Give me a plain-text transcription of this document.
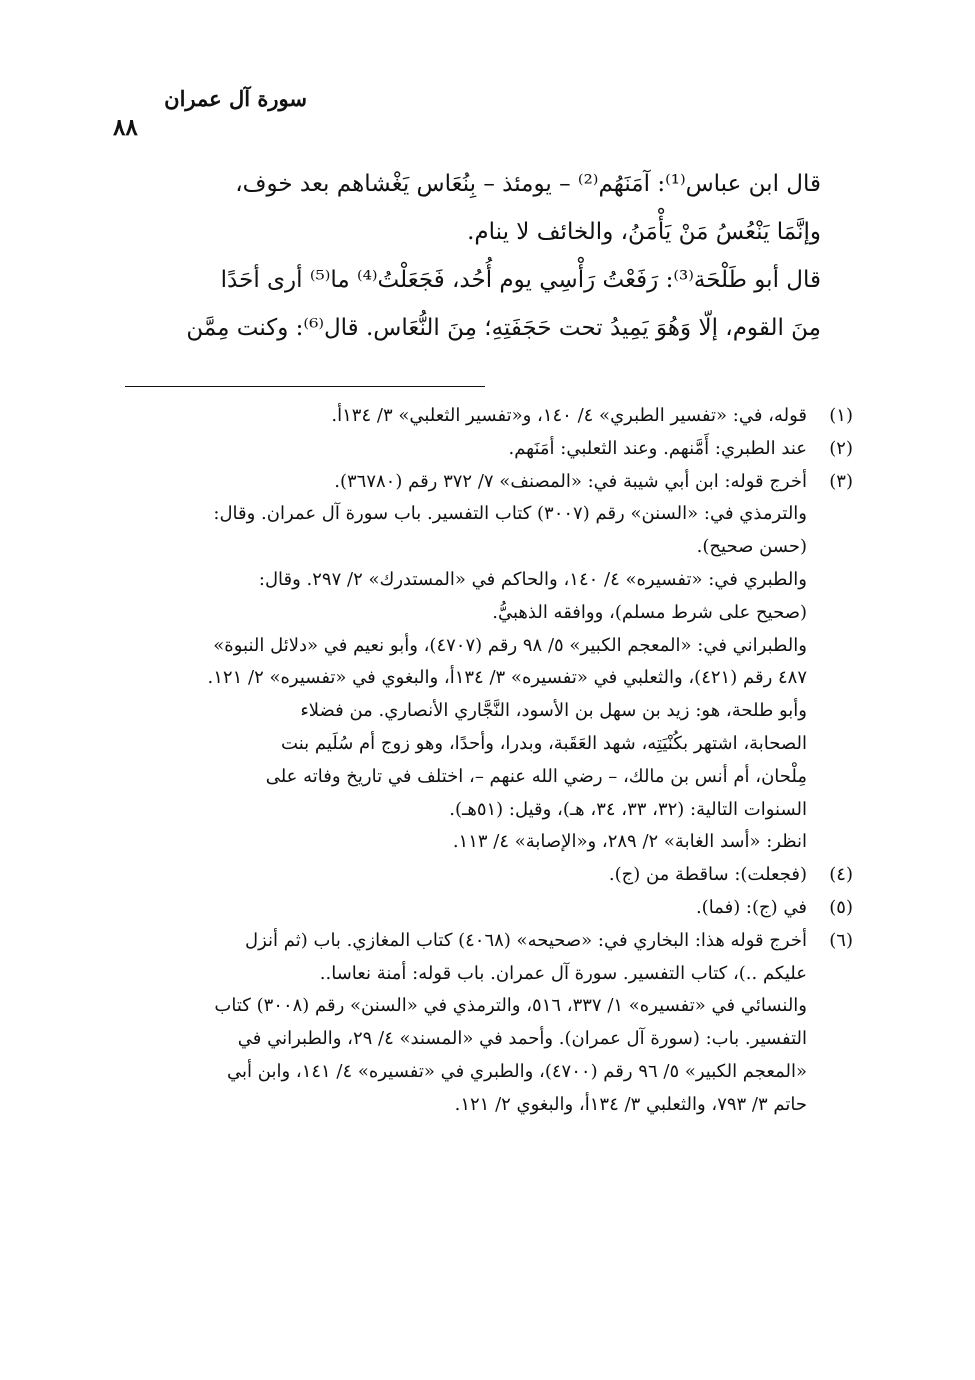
سورة آل عمران
٨٨

قال ابن عباس⁽¹⁾: آمَنَهُم⁽²⁾ – يومئذ – بِنُعَاس يَغْشاهم بعد خوف،
وإنَّمَا يَنْعُسُ مَنْ يَأْمَنُ، والخائف لا ينام.

قال أبو طَلْحَة⁽³⁾: رَفَعْتُ رَأْسِي يوم أُحُد، فَجَعَلْتُ⁽⁴⁾ ما⁽⁵⁾ أرى أحَدًا
مِنَ القوم، إلّا وَهُوَ يَمِيدُ تحت حَجَفَتِهِ؛ مِنَ النُّعَاس. قال⁽⁶⁾: وكنت مِمَّن

(١)
قوله، في: «تفسير الطبري» ٤/ ١٤٠، و«تفسير الثعلبي» ٣/ ١٣٤أ.
(٢)
عند الطبري: أَمَّنهم. وعند الثعلبي: أمَنَهم.
(٣)
أخرج قوله: ابن أبي شيبة في: «المصنف» ٧/ ٣٧٢ رقم (٣٦٧٨٠).
والترمذي في: «السنن» رقم (٣٠٠٧) كتاب التفسير. باب سورة آل عمران. وقال:
(حسن صحيح).
والطبري في: «تفسيره» ٤/ ١٤٠، والحاكم في «المستدرك» ٢/ ٢٩٧. وقال:
(صحيح على شرط مسلم)، ووافقه الذهبيُّ.
والطبراني في: «المعجم الكبير» ٥/ ٩٨ رقم (٤٧٠٧)، وأبو نعيم في «دلائل النبوة»
٤٨٧ رقم (٤٢١)، والثعلبي في «تفسيره» ٣/ ١٣٤أ، والبغوي في «تفسيره» ٢/ ١٢١.
وأبو طلحة، هو: زيد بن سهل بن الأسود، النَّجَّاري الأنصاري. من فضلاء
الصحابة، اشتهر بكُنْيَتِه، شهد العَقَبة، وبدرا، وأحدًا، وهو زوج أم سُلَيم بنت
مِلْحان، أم أنس بن مالك، – رضي الله عنهم –، اختلف في تاريخ وفاته على
السنوات التالية: (٣٢، ٣٣، ٣٤، هـ)، وقيل: (٥١هـ).
انظر: «أسد الغابة» ٢/ ٢٨٩، و«الإصابة» ٤/ ١١٣.
(٤)
(فجعلت): ساقطة من (ج).
(٥)
في (ج): (فما).
(٦)
أخرج قوله هذا: البخاري في: «صحيحه» (٤٠٦٨) كتاب المغازي. باب (ثم أنزل
عليكم ..)، كتاب التفسير. سورة آل عمران. باب قوله: أمنة نعاسا..
والنسائي في «تفسيره» ١/ ٣٣٧، ٥١٦، والترمذي في «السنن» رقم (٣٠٠٨) كتاب
التفسير. باب: (سورة آل عمران). وأحمد في «المسند» ٤/ ٢٩، والطبراني في
«المعجم الكبير» ٥/ ٩٦ رقم (٤٧٠٠)، والطبري في «تفسيره» ٤/ ١٤١، وابن أبي
حاتم ٣/ ٧٩٣، والثعلبي ٣/ ١٣٤أ، والبغوي ٢/ ١٢١.
